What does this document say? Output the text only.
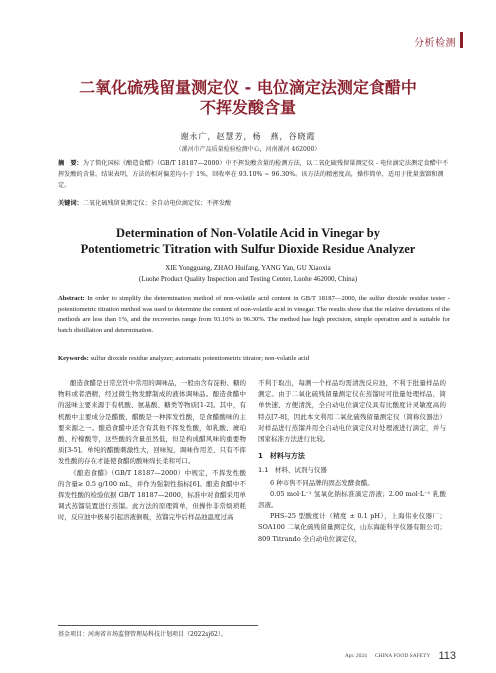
分析检测
二氧化硫残留量测定仪 - 电位滴定法测定食醋中
不挥发酸含量
谢永广，赵慧芳，杨　燕，谷晓霞
（漯河市产品质量检验检测中心，河南漯河 462000）
摘　要：为了简化国标《酿造食醋》（GB/T 18187—2000）中不挥发酸含量的检测方法，以二氧化硫残留量测定仪 - 电位滴定法测定食醋中不挥发酸的含量。结果表明，方法的相对偏差均小于 1%，回收率在 93.10% ~ 96.30%。该方法的精密度高，操作简单，适用于批量蒸馏和测定。
关键词：二氧化硫残留量测定仪；全自动电位滴定仪；不挥发酸
Determination of Non-Volatile Acid in Vinegar by
Potentiometric Titration with Sulfur Dioxide Residue Analyzer
XIE Yongguang, ZHAO Huifang, YANG Yan, GU Xiaoxia
(Luohe Product Quality Inspection and Testing Center, Luohe 462000, China)
Abstract: In order to simplify the determination method of non-volatile acid content in GB/T 18187—2000, the sulfur dioxide residue tester - potentiometric titration method was used to determine the content of non-volatile acid in vinegar. The results show that the relative deviations of the methods are less than 1%, and the recoveries range from 93.10% to 96.30%. The method has high precision, simple operation and is suitable for batch distillation and determination.
Keywords: sulfur dioxide residue analyzer; automatic potentiometric titrator; non-volatile acid

酿造食醋是日常烹饪中常用的调味品，一般由含有淀粉、糖的物料或者酒精，经过微生物发酵制成的液体调味品。酿造食醋中的滋味主要来源于有机酸、氨基酸、糖类等物质[1-2]。其中，有机酸中主要成分是醋酸，醋酸是一种挥发性酸，是食醋酸味的主要来源之一。酿造食醋中还含有其他不挥发性酸，如乳酸、琥珀酸、柠檬酸等，这些酸的含量虽然低，但是构成醋风味的重要物质[3-5]。单纯的醋酸刺激性大，回味短，调味作用差，只有不挥发性酸的存在才能使食醋的酸味绵长柔和可口。

《酿造食醋》（GB/T 18187—2000）中规定，不挥发性酸的含量≥ 0.5 g/100 mL，并作为强制性指标[6]。酿造食醋中不挥发性酸的检验依据 GB/T 18187—2000，标准中对食醋采用单调式蒸馏装置进行蒸馏。此方法的原理简单，但操作非常烦琐耗时，反应池中极易引起溶液倒吸，蒸馏完毕后样品池温度过高

不利于取出，每测一个样品均需清洗反应池，不利于批量样品的测定。由于二氧化硫残留量测定仪在蒸馏时可批量处理样品，简单快速、方便清洗，全自动电位滴定仪具有比酸度计灵敏度高的特点[7-8]，因此本文利用二氧化硫残留量测定仪（简称仪器法）对样品进行蒸馏并用全自动电位滴定仪对处理液进行滴定，并与国家标准方法进行比较。

1　材料与方法
1.1　材料、试剂与仪器

6 种市售不同品牌的固态发酵食醋。

0.05 mol·L⁻¹ 氢氧化钠标准滴定溶液；2.00 mol·L⁻¹ 乳酸溶液。

PHS–25 型酸度计（精度 ± 0.1 pH），上海伟业仪器厂；SOA100 二氧化硫残留量测定仪，山东海能科学仪器有限公司；809 Titrando 全自动电位滴定仪，

基金项目：河南省市场监督管理局科技计划项目（2022sj62）。
Apr. 2024 CHINA FOOD SAFETY 113
